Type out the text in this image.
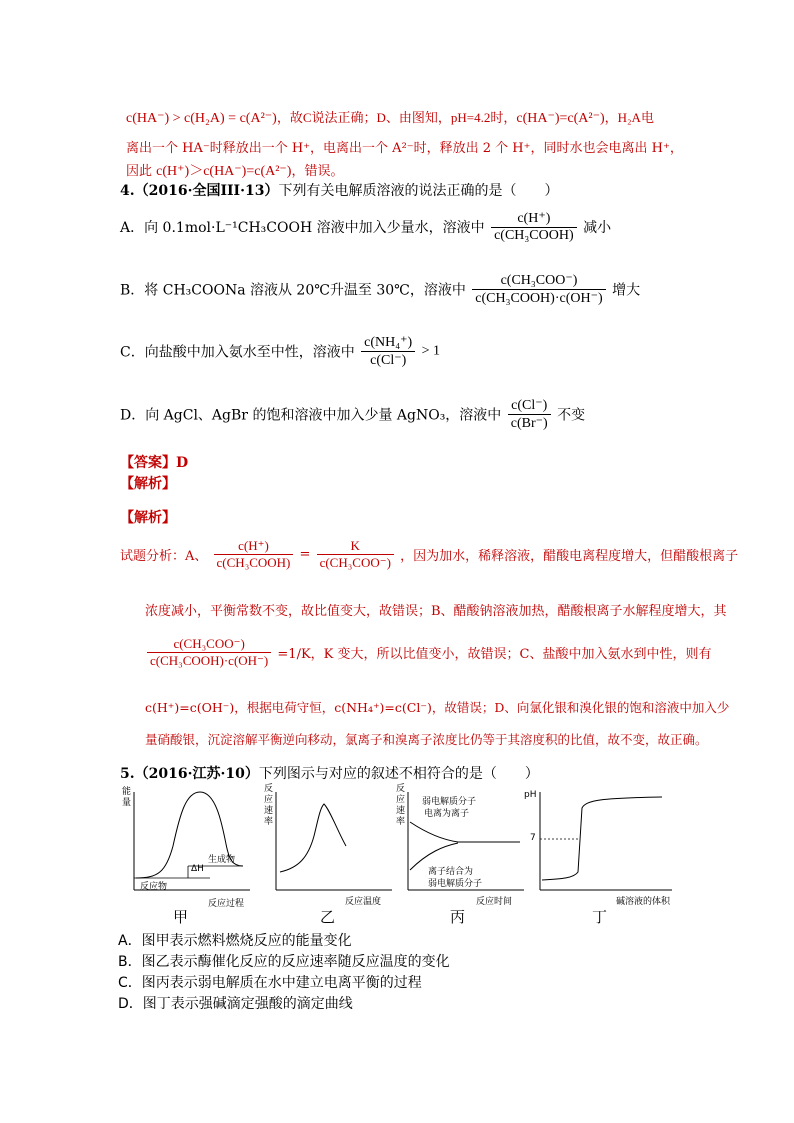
c(HA⁻) > c(H₂A) = c(A²⁻)，故C说法正确；D、由图知，pH=4.2时，c(HA⁻)=c(A²⁻)，H₂A电
离出一个 HA⁻时释放出一个 H⁺，电离出一个 A²⁻时，释放出 2 个 H⁺，同时水也会电离出 H⁺，
因此 c(H⁺)＞c(HA⁻)=c(A²⁻)，错误。
4.（2016·全国III·13）下列有关电解质溶液的说法正确的是（　　）
A．向 0.1mol·L⁻¹CH₃COOH 溶液中加入少量水，溶液中 $\frac{c(H^+)}{\text{c(CH₃COOH)}}$ 减小
B．将 CH₃COONa 溶液从 20℃升温至 30℃，溶液中 $\frac{\text{c(CH₃COO⁻)}}{\text{c(CH₃COOH)·c(OH⁻)}}$ 增大
C．向盐酸中加入氨水至中性，溶液中 $\frac{\text{c(NH₄⁺)}}{c(Cl^-)} > 1$
D．向 AgCl、AgBr 的饱和溶液中加入少量 AgNO₃，溶液中 $\frac{c(Cl^-)}{c(Br^-)}$ 不变
【答案】D
【解析】
【解析】
试题分析：A、 $\frac{c(H^+)}{\text{c(CH₃COOH)}} = \frac{K}{\text{c(CH₃COO⁻)}}$ ，因为加水，稀释溶液，醋酸电离程度增大，但醋酸根离子
浓度减小，平衡常数不变，故比值变大，故错误；B、醋酸钠溶液加热，醋酸根离子水解程度增大，其
$\frac{\text{c(CH₃COO⁻)}}{\text{c(CH₃COOH)·c(OH⁻)}} =1/K$，K 变大，所以比值变小，故错误；C、盐酸中加入氨水到中性，则有
c(H⁺)=c(OH⁻)，根据电荷守恒，c(NH₄⁺)=c(Cl⁻)，故错误；D、向氯化银和溴化银的饱和溶液中加入少
量硝酸银，沉淀溶解平衡逆向移动，氯离子和溴离子浓度比仍等于其溶度积的比值，故不变，故正确。
5.（2016·江苏·10）下列图示与对应的叙述不相符合的是（　　）
能
量
生成物
ΔH
反应物
反应过程
甲
反
应
速
率
反应温度
乙
反
应
速
率
弱电解质分子
电离为离子
离子结合为
弱电解质分子
反应时间
丙
pH
7
碱溶液的体积
丁
A．图甲表示燃料燃烧反应的能量变化
B．图乙表示酶催化反应的反应速率随反应温度的变化
C．图丙表示弱电解质在水中建立电离平衡的过程
D．图丁表示强碱滴定强酸的滴定曲线
